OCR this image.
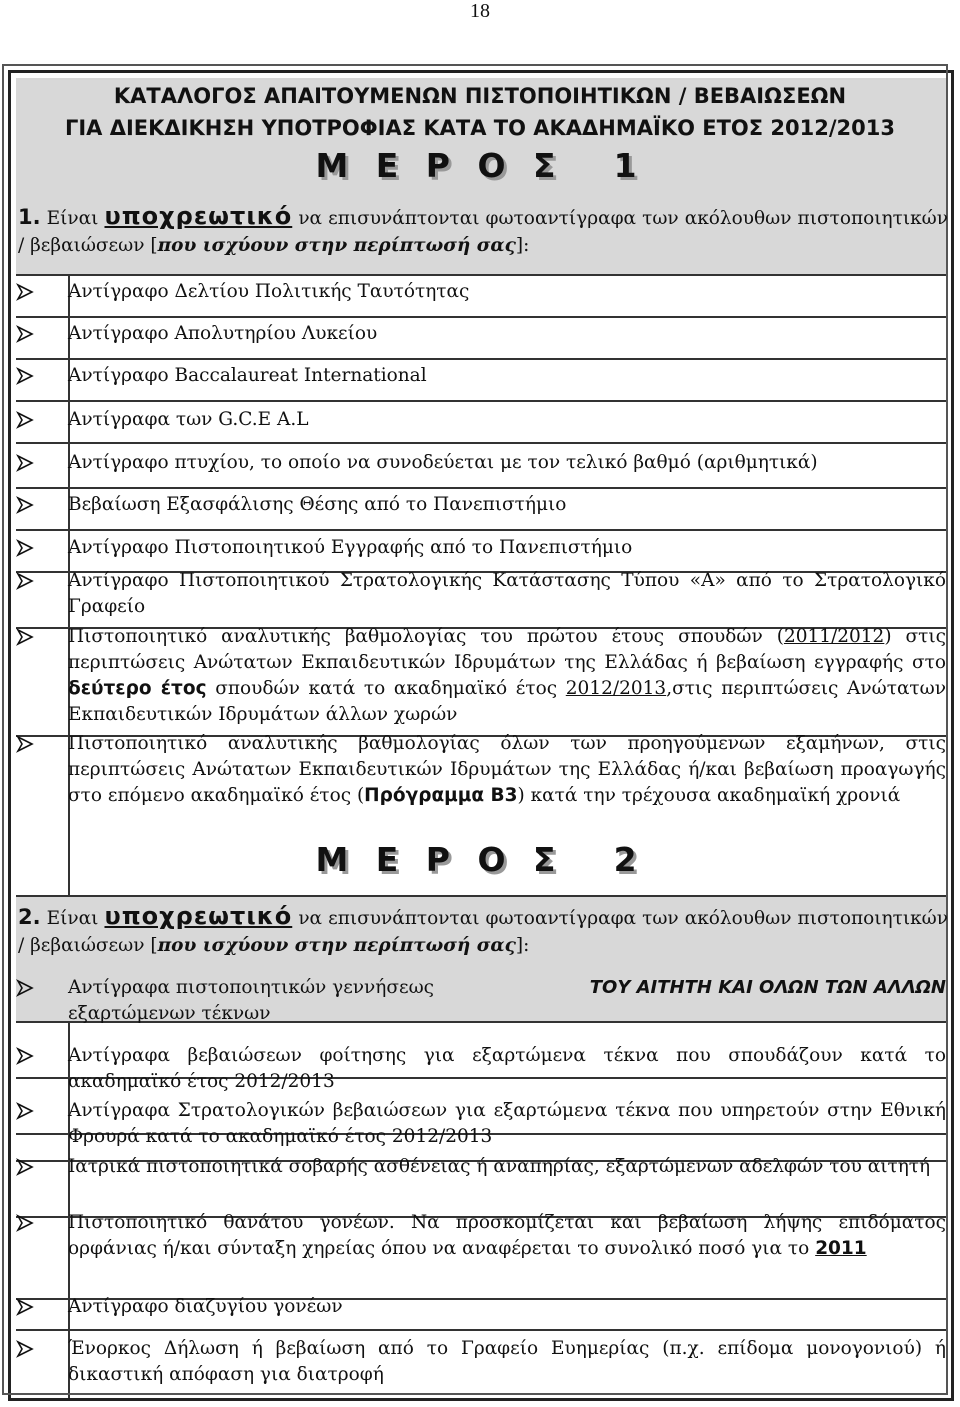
18
ΚΑΤΑΛΟΓΟΣ ΑΠΑΙΤΟΥΜΕΝΩΝ ΠΙΣΤΟΠΟΙΗΤΙΚΩΝ / ΒΕΒΑΙΩΣΕΩΝ
ΓΙΑ ΔΙΕΚΔΙΚΗΣΗ ΥΠΟΤΡΟΦΙΑΣ ΚΑΤΑ ΤΟ ΑΚΑΔΗΜΑΪΚΟ ΕΤΟΣ 2012/2013
Μ Ε Ρ Ο Σ 1
1. Είναι υποχρεωτικό να επισυνάπτονται φωτοαντίγραφα των ακόλουθων πιστοποιητικών / βεβαιώσεων [που ισχύουν στην περίπτωσή σας]:
Αντίγραφο Δελτίου Πολιτικής Ταυτότητας
Αντίγραφο Απολυτηρίου Λυκείου
Αντίγραφο Baccalaureat International
Αντίγραφα των G.C.E A.L
Αντίγραφο πτυχίου, το οποίο να συνοδεύεται με τον τελικό βαθμό (αριθμητικά)
Βεβαίωση Εξασφάλισης Θέσης από το Πανεπιστήμιο
Αντίγραφο Πιστοποιητικού Εγγραφής από το Πανεπιστήμιο
Αντίγραφο Πιστοποιητικού Στρατολογικής Κατάστασης Τύπου «Α» από το Στρατολογικό Γραφείο
Πιστοποιητικό αναλυτικής βαθμολογίας του πρώτου έτους σπουδών (2011/2012) στις περιπτώσεις Ανώτατων Εκπαιδευτικών Ιδρυμάτων της Ελλάδας ή βεβαίωση εγγραφής στο δεύτερο έτος σπουδών κατά το ακαδημαϊκό έτος 2012/2013,στις περιπτώσεις Ανώτατων Εκπαιδευτικών Ιδρυμάτων άλλων χωρών
Πιστοποιητικό αναλυτικής βαθμολογίας όλων των προηγούμενων εξαμήνων, στις περιπτώσεις Ανώτατων Εκπαιδευτικών Ιδρυμάτων της Ελλάδας ή/και βεβαίωση προαγωγής στο επόμενο ακαδημαϊκό έτος (Πρόγραμμα Β3) κατά την τρέχουσα ακαδημαϊκή χρονιά
Μ Ε Ρ Ο Σ 2
2. Είναι υποχρεωτικό να επισυνάπτονται φωτοαντίγραφα των ακόλουθων πιστοποιητικών / βεβαιώσεων [που ισχύουν στην περίπτωσή σας]:
Αντίγραφα πιστοποιητικών γεννήσεως	ΤΟΥ ΑΙΤΗΤΗ ΚΑΙ ΟΛΩΝ ΤΩΝ ΑΛΛΩΝ
εξαρτώμενων τέκνων
Αντίγραφα βεβαιώσεων φοίτησης για εξαρτώμενα τέκνα που σπουδάζουν κατά το ακαδημαϊκό έτος 2012/2013
Αντίγραφα Στρατολογικών βεβαιώσεων για εξαρτώμενα τέκνα που υπηρετούν στην Εθνική Φρουρά κατά το ακαδημαϊκό έτος 2012/2013
Ιατρικά πιστοποιητικά σοβαρής ασθένειας ή αναπηρίας, εξαρτώμενων αδελφών του αιτητή
Πιστοποιητικό θανάτου γονέων. Να προσκομίζεται και βεβαίωση λήψης επιδόματος ορφάνιας ή/και σύνταξη χηρείας όπου να αναφέρεται το συνολικό ποσό για το 2011
Αντίγραφο διαζυγίου γονέων
Ένορκος Δήλωση ή βεβαίωση από το Γραφείο Ευημερίας (π.χ. επίδομα μονογονιού) ή δικαστική απόφαση για διατροφή
